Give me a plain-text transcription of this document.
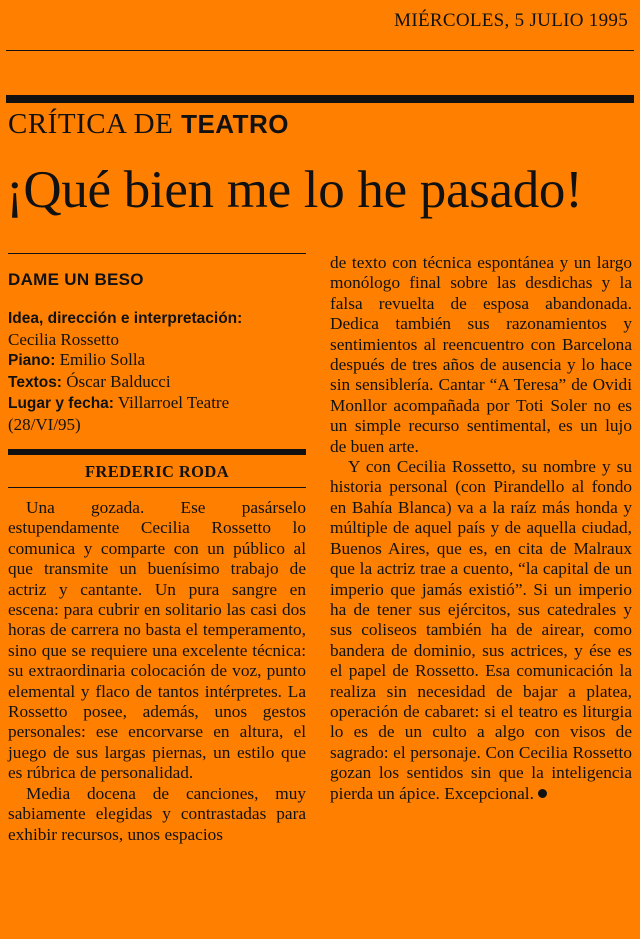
MIÉRCOLES, 5 JULIO 1995
CRÍTICA DE TEATRO
¡Qué bien me lo he pasado!

DAME UN BESO

Idea, dirección e interpretación:
Cecilia Rossetto
Piano: Emilio Solla
Textos: Óscar Balducci
Lugar y fecha: Villarroel Teatre (28/VI/95)
FREDERIC RODA

Una gozada. Ese pasárselo estupendamente Cecilia Rossetto lo comunica y comparte con un público al que transmite un buenísimo trabajo de actriz y cantante. Un pura sangre en escena: para cubrir en solitario las casi dos horas de carrera no basta el temperamento, sino que se requiere una excelente técnica: su extraordinaria colocación de voz, punto elemental y flaco de tantos intérpretes. La Rossetto posee, además, unos gestos personales: ese encorvarse en altura, el juego de sus largas piernas, un estilo que es rúbrica de personalidad.

Media docena de canciones, muy sabiamente elegidas y contrastadas para exhibir recursos, unos espacios

de texto con técnica espontánea y un largo monólogo final sobre las desdichas y la falsa revuelta de esposa abandonada. Dedica también sus razonamientos y sentimientos al reencuentro con Barcelona después de tres años de ausencia y lo hace sin sensiblería. Cantar “A Teresa” de Ovidi Monllor acompañada por Toti Soler no es un simple recurso sentimental, es un lujo de buen arte.

Y con Cecilia Rossetto, su nombre y su historia personal (con Pirandello al fondo en Bahía Blanca) va a la raíz más honda y múltiple de aquel país y de aquella ciudad, Buenos Aires, que es, en cita de Malraux que la actriz trae a cuento, “la capital de un imperio que jamás existió”. Si un imperio ha de tener sus ejércitos, sus catedrales y sus coliseos también ha de airear, como bandera de dominio, sus actrices, y ése es el papel de Rossetto. Esa comunicación la realiza sin necesidad de bajar a platea, operación de cabaret: si el teatro es liturgia lo es de un culto a algo con visos de sagrado: el personaje. Con Cecilia Rossetto gozan los sentidos sin que la inteligencia pierda un ápice. Excepcional.
